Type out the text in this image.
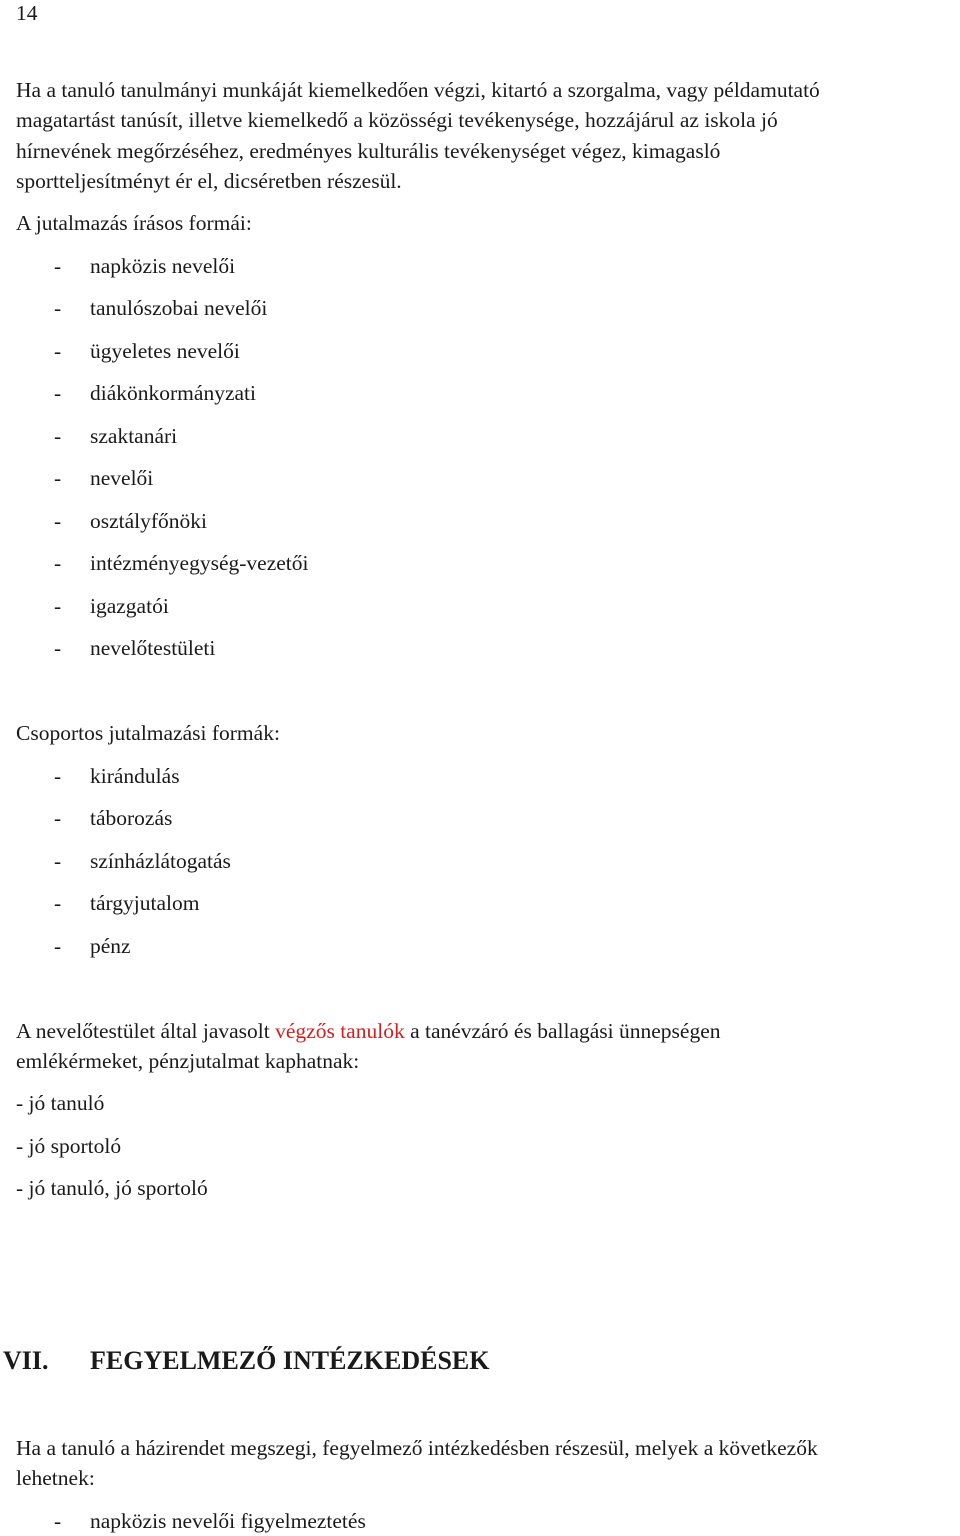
14
Ha a tanuló tanulmányi munkáját kiemelkedően végzi, kitartó a szorgalma, vagy példamutató
magatartást tanúsít, illetve kiemelkedő a közösségi tevékenysége, hozzájárul az iskola jó
hírnevének megőrzéséhez, eredményes kulturális tevékenységet végez, kimagasló
sportteljesítményt ér el, dicséretben részesül.
A jutalmazás írásos formái:
- napközis nevelői
- tanulószobai nevelői
- ügyeletes nevelői
- diákönkormányzati
- szaktanári
- nevelői
- osztályfőnöki
- intézményegység-vezetői
- igazgatói
- nevelőtestületi
Csoportos jutalmazási formák:
- kirándulás
- táborozás
- színházlátogatás
- tárgyjutalom
- pénz
A nevelőtestület által javasolt végzős tanulók a tanévzáró és ballagási ünnepségen
emlékérmeket, pénzjutalmat kaphatnak:
- jó tanuló
- jó sportoló
- jó tanuló, jó sportoló
VII. FEGYELMEZŐ INTÉZKEDÉSEK
Ha a tanuló a házirendet megszegi, fegyelmező intézkedésben részesül, melyek a következők
lehetnek:
- napközis nevelői figyelmeztetés
